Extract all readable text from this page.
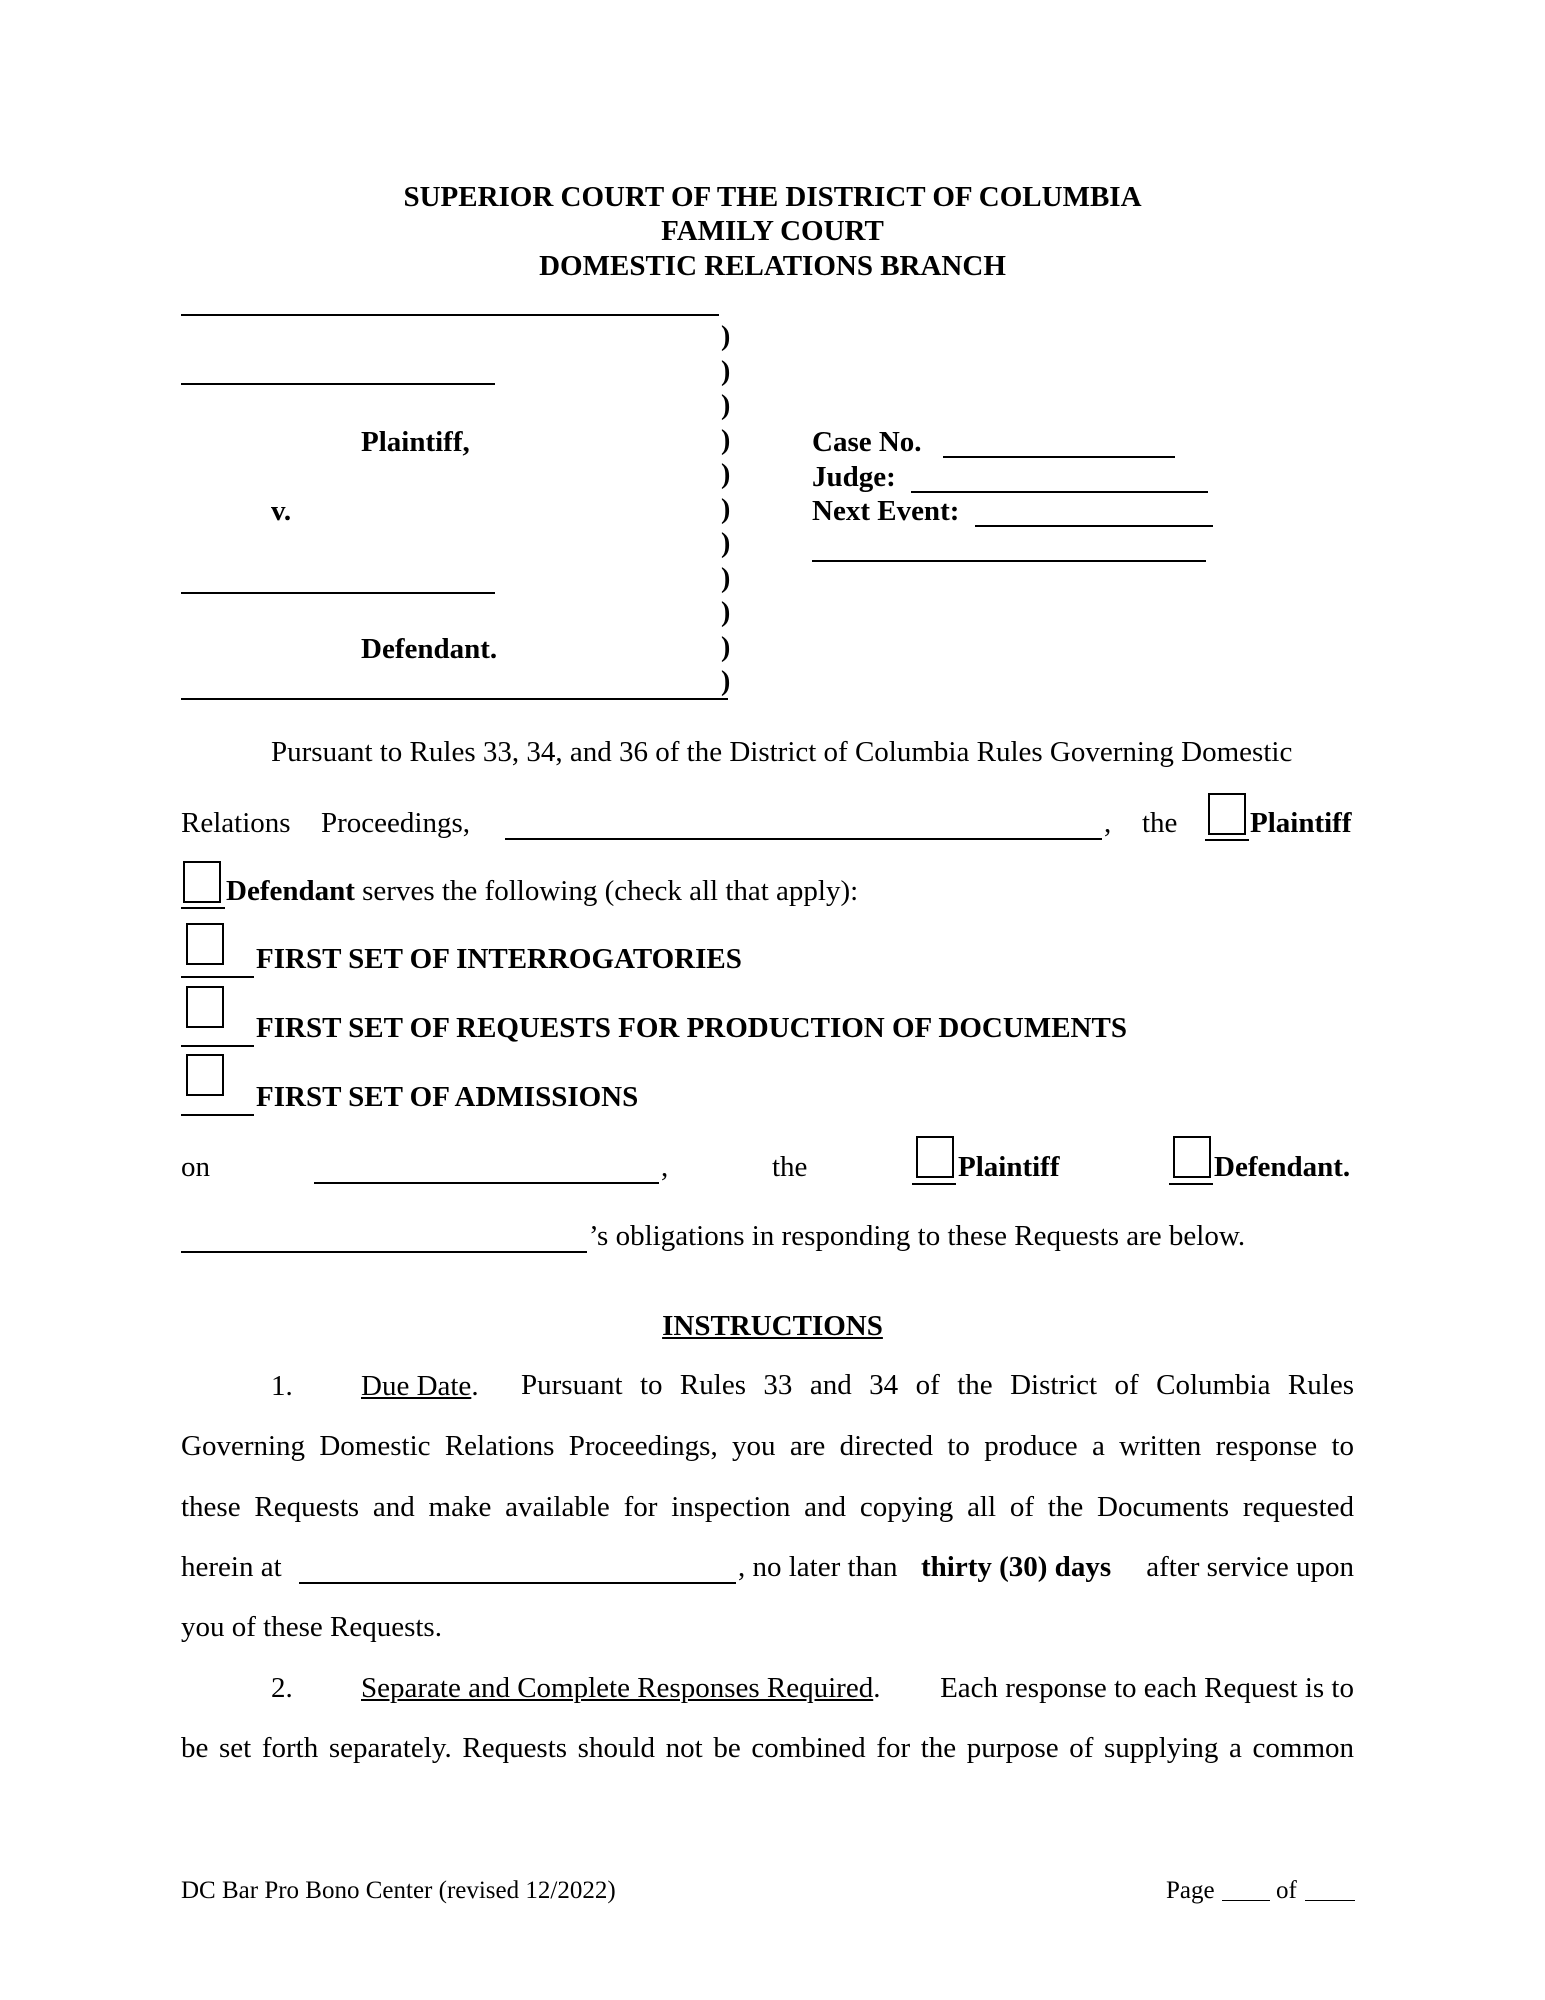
SUPERIOR COURT OF THE DISTRICT OF COLUMBIA
FAMILY COURT
DOMESTIC RELATIONS BRANCH
Plaintiff,
v.
Defendant.
)
)
)
)
)
)
)
)
)
)
)
Case No.
Judge:
Next Event:
Pursuant to Rules 33, 34, and 36 of the District of Columbia Rules Governing Domestic
Relations Proceedings,	, the	Plaintiff
Defendant serves the following (check all that apply):
FIRST SET OF INTERROGATORIES
FIRST SET OF REQUESTS FOR PRODUCTION OF DOCUMENTS
FIRST SET OF ADMISSIONS
on	,	the	Plaintiff	Defendant.
’s obligations in responding to these Requests are below.
INSTRUCTIONS
1. Due Date. Pursuant to Rules 33 and 34 of the District of Columbia Rules
Governing Domestic Relations Proceedings, you are directed to produce a written response to
these Requests and make available for inspection and copying all of the Documents requested
herein at	, no later than thirty (30) days	after service upon
you of these Requests.
2. Separate and Complete Responses Required.	Each response to each Request is to
be set forth separately. Requests should not be combined for the purpose of supplying a common
DC Bar Pro Bono Center (revised 12/2022)	Page of
